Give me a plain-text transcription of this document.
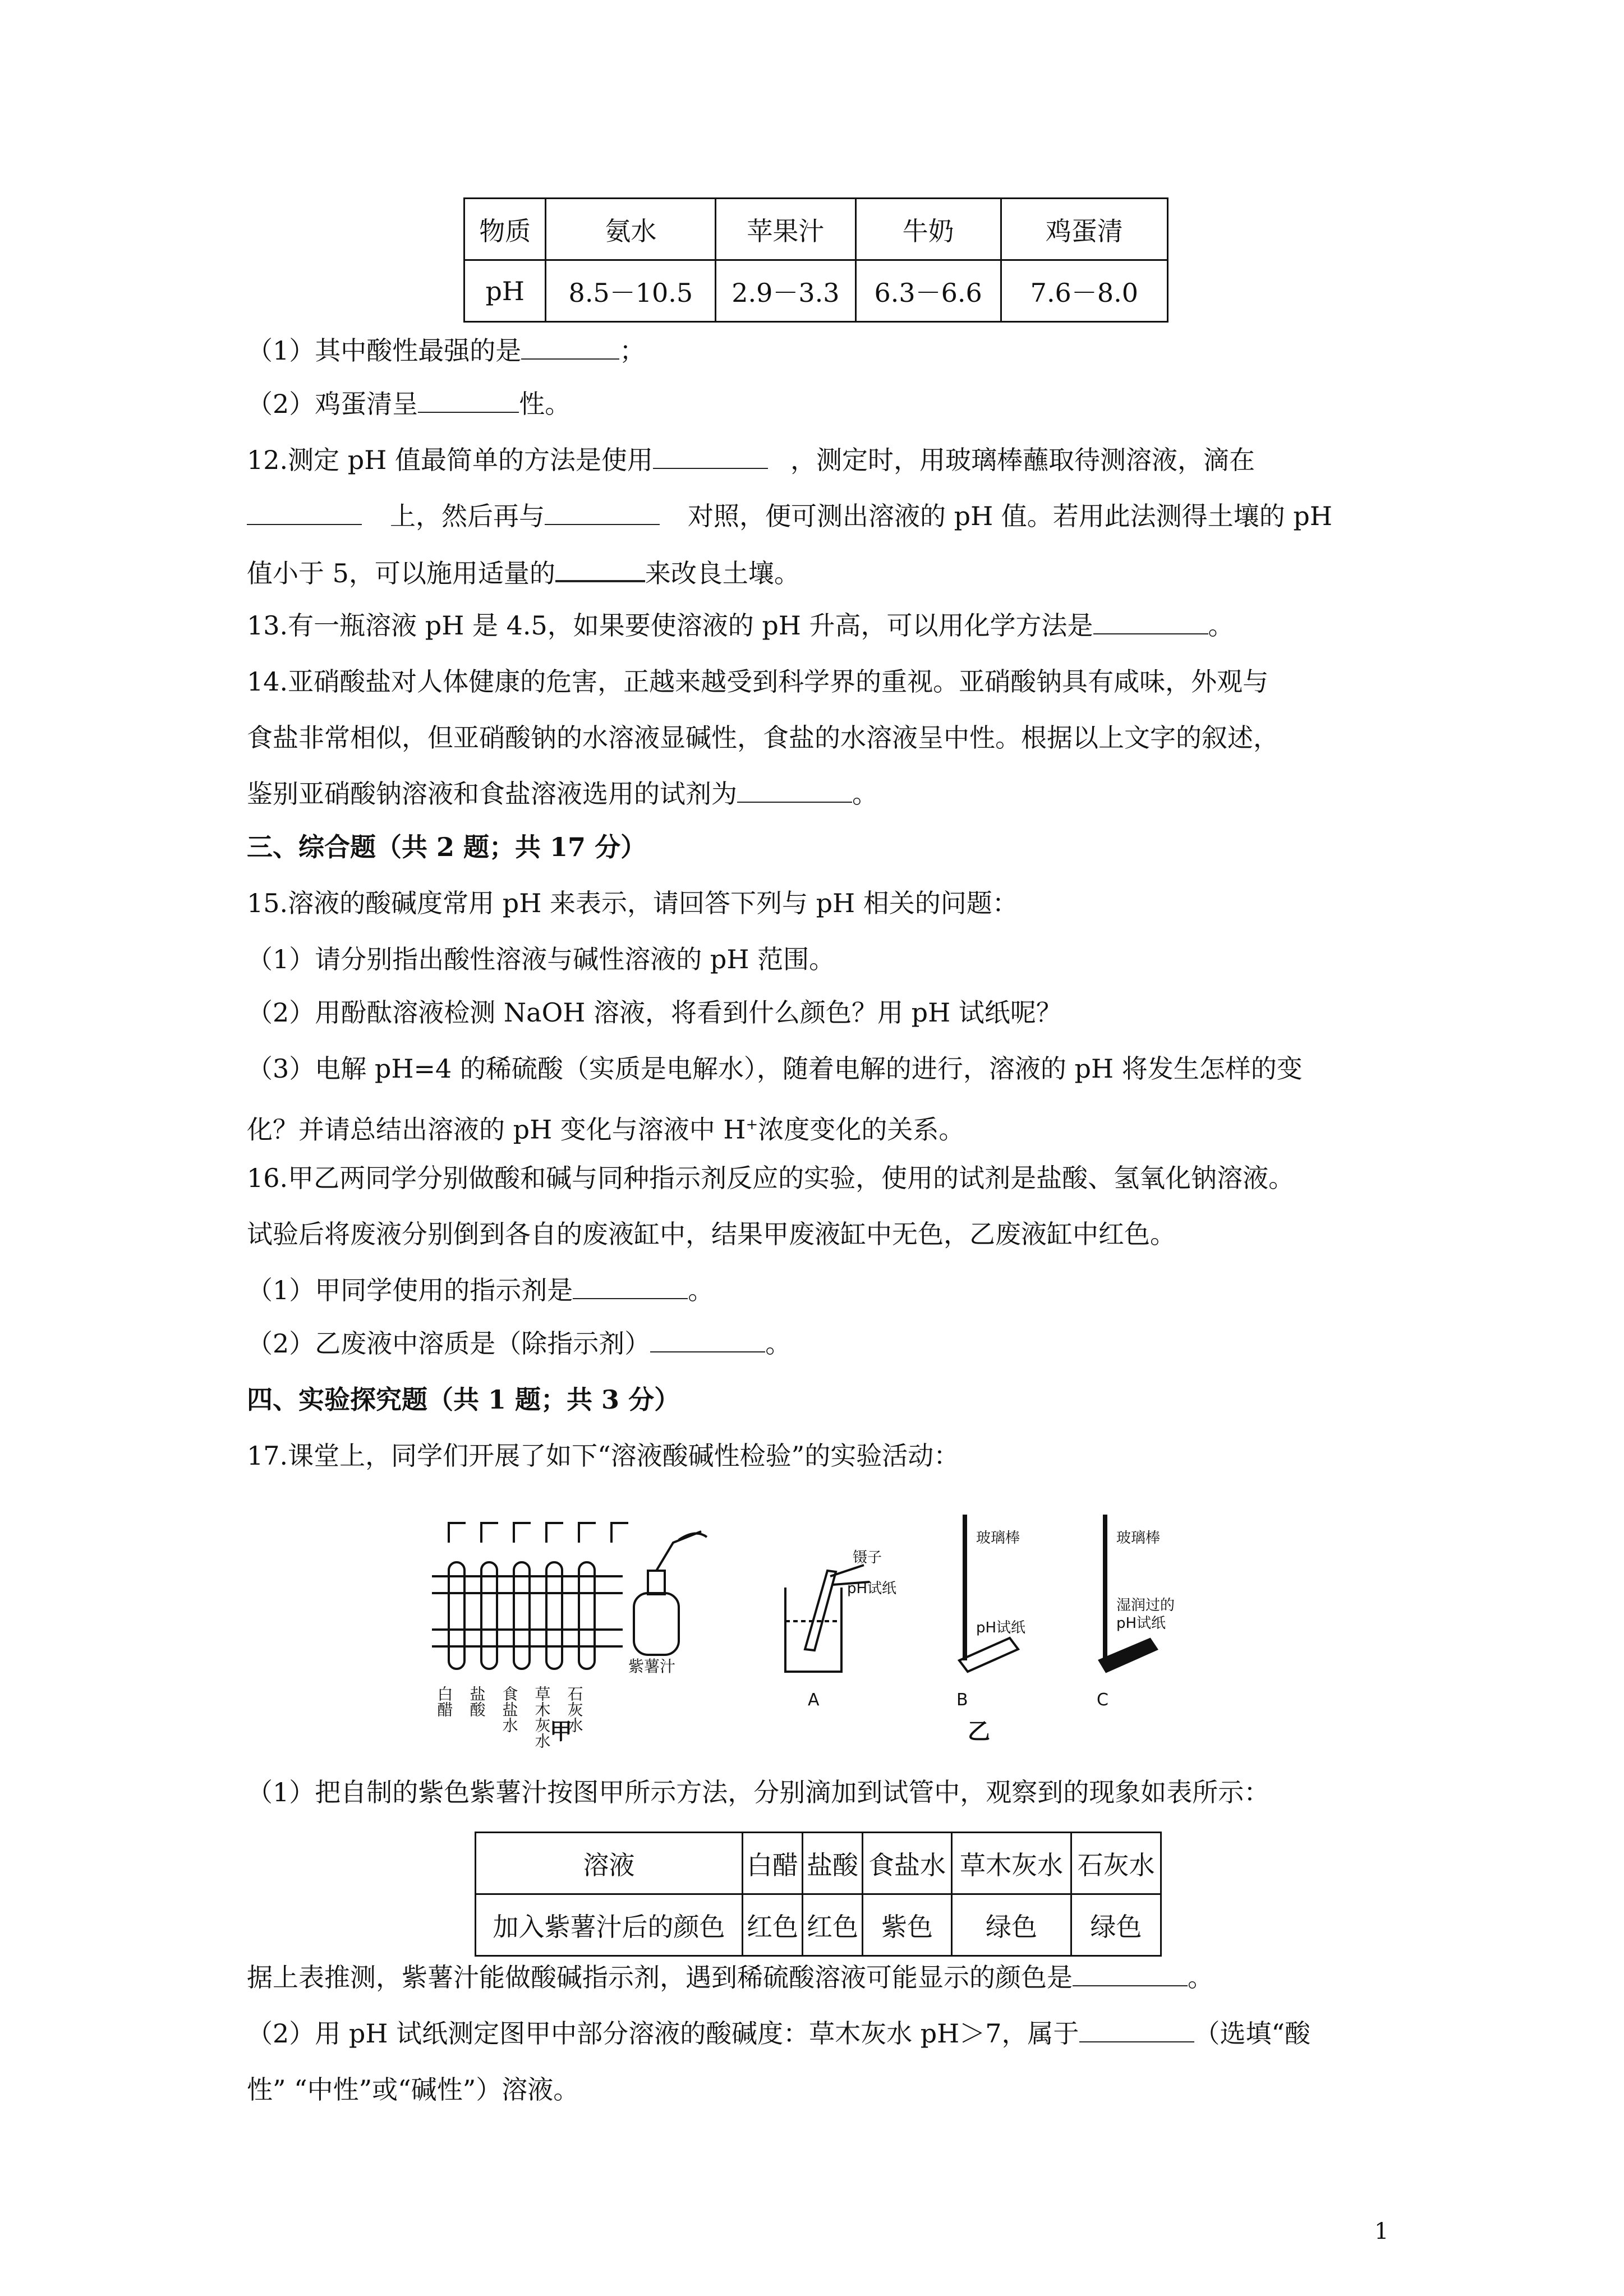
物质	氨水	苹果汁	牛奶	鸡蛋清
pH	8.5－10.5	2.9－3.3	6.3－6.6	7.6－8.0
（1）其中酸性最强的是	；
（2）鸡蛋清呈	性。
12.测定 pH 值最简单的方法是使用	，测定时，用玻璃棒蘸取待测溶液，滴在
上，然后再与	对照，便可测出溶液的 pH 值。若用此法测得土壤的 pH
值小于 5，可以施用适量的	来改良土壤。
13.有一瓶溶液 pH 是 4.5，如果要使溶液的 pH 升高，可以用化学方法是	。
14.亚硝酸盐对人体健康的危害，正越来越受到科学界的重视。亚硝酸钠具有咸味，外观与
食盐非常相似，但亚硝酸钠的水溶液显碱性，食盐的水溶液呈中性。根据以上文字的叙述，
鉴别亚硝酸钠溶液和食盐溶液选用的试剂为	。
三、综合题（共 2 题；共 17 分）
15.溶液的酸碱度常用 pH 来表示，请回答下列与 pH 相关的问题：
（1）请分别指出酸性溶液与碱性溶液的 pH 范围。
（2）用酚酞溶液检测 NaOH 溶液，将看到什么颜色？用 pH 试纸呢？
（3）电解 pH=4 的稀硫酸（实质是电解水），随着电解的进行，溶液的 pH 将发生怎样的变
化？并请总结出溶液的 pH 变化与溶液中 H+浓度变化的关系。
16.甲乙两同学分别做酸和碱与同种指示剂反应的实验，使用的试剂是盐酸、氢氧化钠溶液。
试验后将废液分别倒到各自的废液缸中，结果甲废液缸中无色，乙废液缸中红色。
（1）甲同学使用的指示剂是	。
（2）乙废液中溶质是（除指示剂）	。
四、实验探究题（共 1 题；共 3 分）
17.课堂上，同学们开展了如下“溶液酸碱性检验”的实验活动：
白醋 盐酸 食盐水 草木灰水 石灰水
紫薯汁
甲
镊子
pH试纸
玻璃棒
pH试纸
玻璃棒
湿润过的
pH试纸
A	B	C
乙
（1）把自制的紫色紫薯汁按图甲所示方法，分别滴加到试管中，观察到的现象如表所示：
溶液	白醋	盐酸	食盐水	草木灰水	石灰水
加入紫薯汁后的颜色	红色	红色	紫色	绿色	绿色
据上表推测，紫薯汁能做酸碱指示剂，遇到稀硫酸溶液可能显示的颜色是	。
（2）用 pH 试纸测定图甲中部分溶液的酸碱度：草木灰水 pH＞7，属于	（选填“酸
性” “中性”或“碱性”）溶液。
1
